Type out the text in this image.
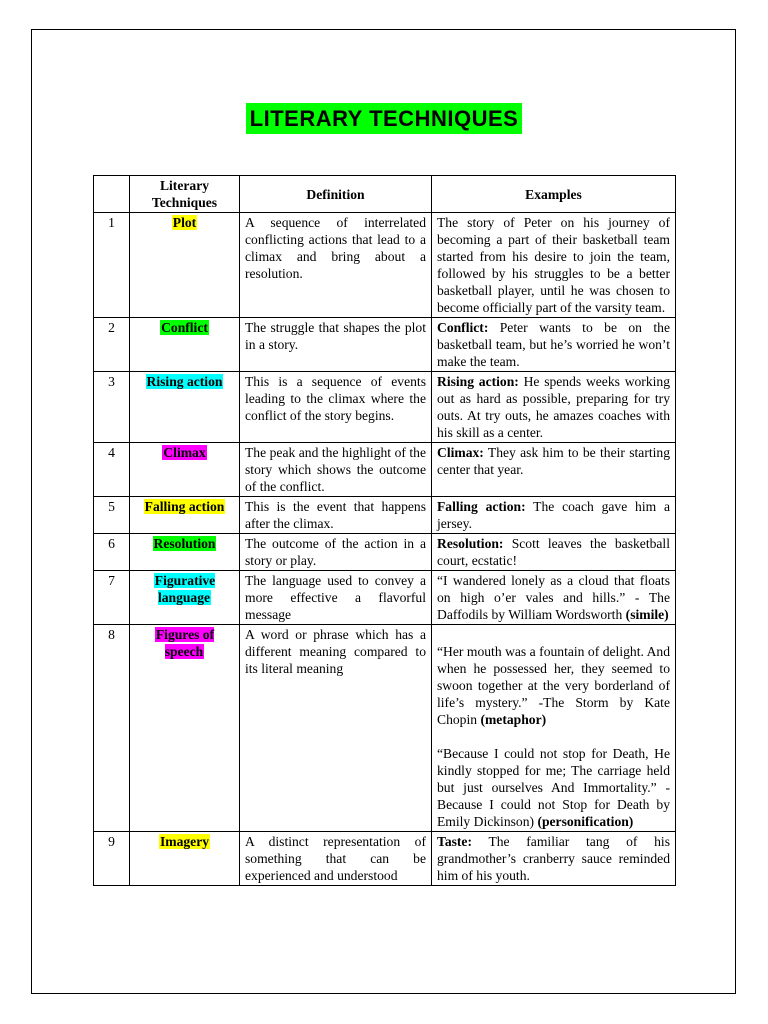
LITERARY TECHNIQUES
	Literary Techniques	Definition	Examples
1	Plot	A sequence of interrelated conflicting actions that lead to a climax and bring about a resolution.	The story of Peter on his journey of becoming a part of their basketball team started from his desire to join the team, followed by his struggles to be a better basketball player, until he was chosen to become officially part of the varsity team.
2	Conflict	The struggle that shapes the plot in a story.	Conflict: Peter wants to be on the basketball team, but he’s worried he won’t make the team.
3	Rising action	This is a sequence of events leading to the climax where the conflict of the story begins.	Rising action: He spends weeks working out as hard as possible, preparing for try outs. At try outs, he amazes coaches with his skill as a center.
4	Climax	The peak and the highlight of the story which shows the outcome of the conflict.	Climax: They ask him to be their starting center that year.
5	Falling action	This is the event that happens after the climax.	Falling action: The coach gave him a jersey.
6	Resolution	The outcome of the action in a story or play.	Resolution: Scott leaves the basketball court, ecstatic!
7	Figurative language	The language used to convey a more effective a flavorful message	“I wandered lonely as a cloud that floats on high o’er vales and hills.” - The Daffodils by William Wordsworth (simile)
8	Figures of speech	A word or phrase which has a different meaning compared to its literal meaning	“Her mouth was a fountain of delight. And when he possessed her, they seemed to swoon together at the very borderland of life’s mystery.” -The Storm by Kate Chopin (metaphor)
“Because I could not stop for Death, He kindly stopped for me; The carriage held but just ourselves And Immortality.” - Because I could not Stop for Death by Emily Dickinson) (personification)

9	Imagery	A distinct representation of something that can be experienced and understood	Taste: The familiar tang of his grandmother’s cranberry sauce reminded him of his youth.
